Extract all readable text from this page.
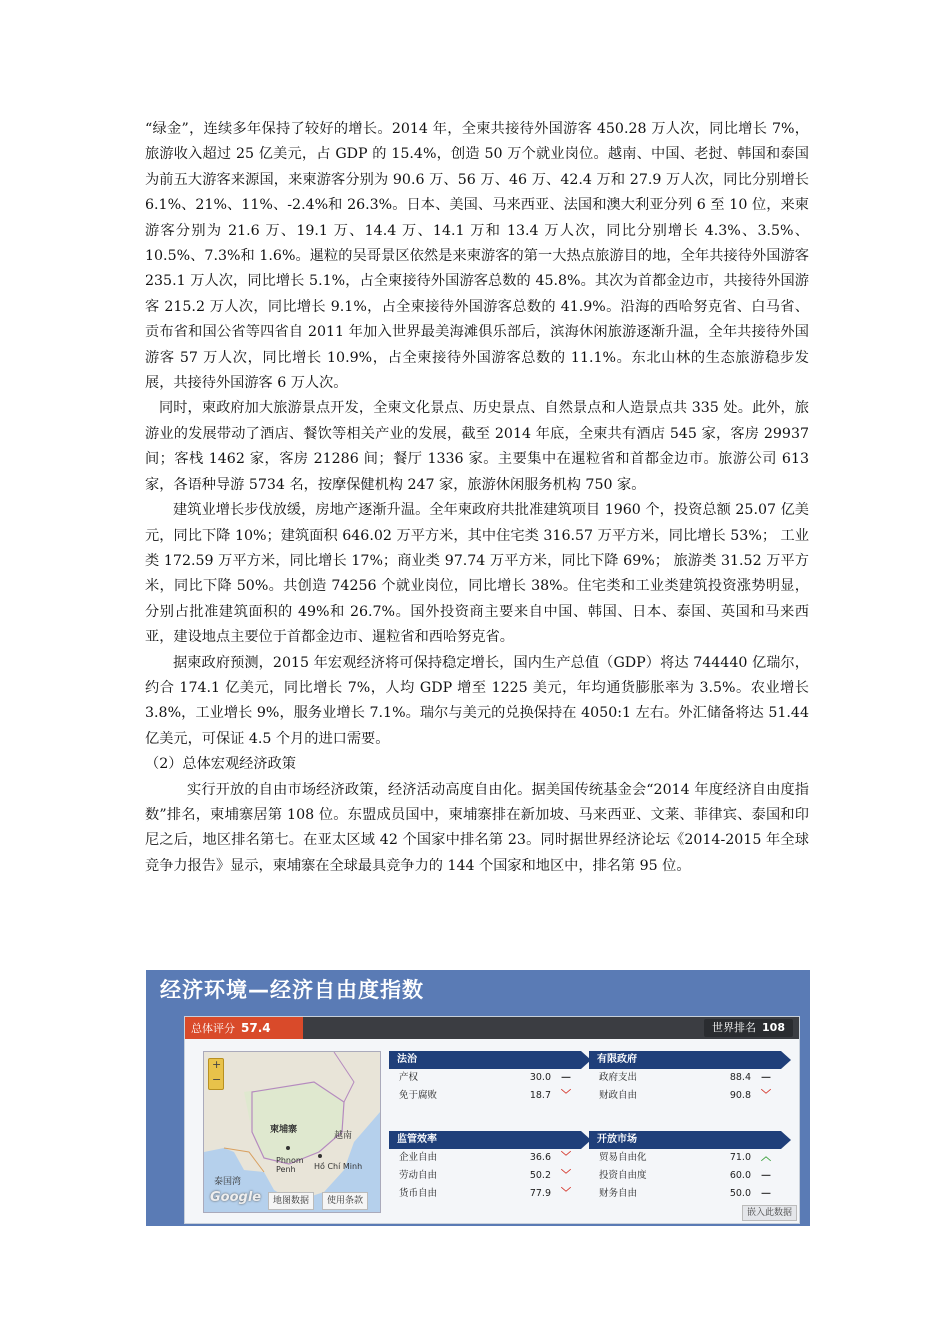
“绿金”，连续多年保持了较好的增长。2014 年，全柬共接待外国游客 450.28 万人次，同比增长 7%，旅游收入超过 25 亿美元，占 GDP 的 15.4%，创造 50 万个就业岗位。越南、中国、老挝、韩国和泰国为前五大游客来源国，来柬游客分别为 90.6 万、56 万、46 万、42.4 万和 27.9 万人次，同比分别增长 6.1%、21%、11%、-2.4%和 26.3%。日本、美国、马来西亚、法国和澳大利亚分列 6 至 10 位，来柬游客分别为 21.6 万、19.1 万、14.4 万、14.1 万和 13.4 万人次，同比分别增长 4.3%、3.5%、10.5%、7.3%和 1.6%。暹粒的吴哥景区依然是来柬游客的第一大热点旅游目的地，全年共接待外国游客 235.1 万人次，同比增长 5.1%，占全柬接待外国游客总数的 45.8%。其次为首都金边市，共接待外国游客 215.2 万人次，同比增长 9.1%，占全柬接待外国游客总数的 41.9%。沿海的西哈努克省、白马省、贡布省和国公省等四省自 2011 年加入世界最美海滩俱乐部后，滨海休闲旅游逐渐升温，全年共接待外国游客 57 万人次，同比增长 10.9%，占全柬接待外国游客总数的 11.1%。东北山林的生态旅游稳步发展，共接待外国游客 6 万人次。

同时，柬政府加大旅游景点开发，全柬文化景点、历史景点、自然景点和人造景点共 335 处。此外，旅游业的发展带动了酒店、餐饮等相关产业的发展，截至 2014 年底，全柬共有酒店 545 家，客房 29937 间；客栈 1462 家，客房 21286 间；餐厅 1336 家。主要集中在暹粒省和首都金边市。旅游公司 613 家，各语种导游 5734 名，按摩保健机构 247 家，旅游休闲服务机构 750 家。

建筑业增长步伐放缓，房地产逐渐升温。全年柬政府共批准建筑项目 1960 个，投资总额 25.07 亿美元，同比下降 10%；建筑面积 646.02 万平方米，其中住宅类 316.57 万平方米，同比增长 53%； 工业类 172.59 万平方米，同比增长 17%；商业类 97.74 万平方米，同比下降 69%； 旅游类 31.52 万平方米，同比下降 50%。共创造 74256 个就业岗位，同比增长 38%。住宅类和工业类建筑投资涨势明显，分别占批准建筑面积的 49%和 26.7%。国外投资商主要来自中国、韩国、日本、泰国、英国和马来西亚，建设地点主要位于首都金边市、暹粒省和西哈努克省。

据柬政府预测，2015 年宏观经济将可保持稳定增长，国内生产总值（GDP）将达 744440 亿瑞尔，约合 174.1 亿美元，同比增长 7%，人均 GDP 增至 1225 美元，年均通货膨胀率为 3.5%。农业增长 3.8%，工业增长 9%，服务业增长 7.1%。瑞尔与美元的兑换保持在 4050:1 左右。外汇储备将达 51.44 亿美元，可保证 4.5 个月的进口需要。

（2）总体宏观经济政策

实行开放的自由市场经济政策，经济活动高度自由化。据美国传统基金会“2014 年度经济自由度指数”排名，柬埔寨居第 108 位。东盟成员国中，柬埔寨排在新加坡、马来西亚、文莱、菲律宾、泰国和印尼之后，地区排名第七。在亚太区域 42 个国家中排名第 23。同时据世界经济论坛《2014-2015 年全球竞争力报告》显示，柬埔寨在全球最具竞争力的 144 个国家和地区中，排名第 95 位。

经济环境—经济自由度指数
总体评分 57.4	世界排名 108
+ −
越南
柬埔寨
Hồ Chí Minh
Phnom Penh
泰国湾
Google	地图数据	使用条款
法治
产权	30.0 —
免于腐败	18.7 ﹀
有限政府
政府支出	88.4 —
财政自由	90.8 ﹀
监管效率
企业自由	36.6 ﹀
劳动自由	50.2 ﹀
货币自由	77.9 ﹀
开放市场
贸易自由化	71.0 ︿
投资自由度	60.0 —
财务自由	50.0 —
嵌入此数据
